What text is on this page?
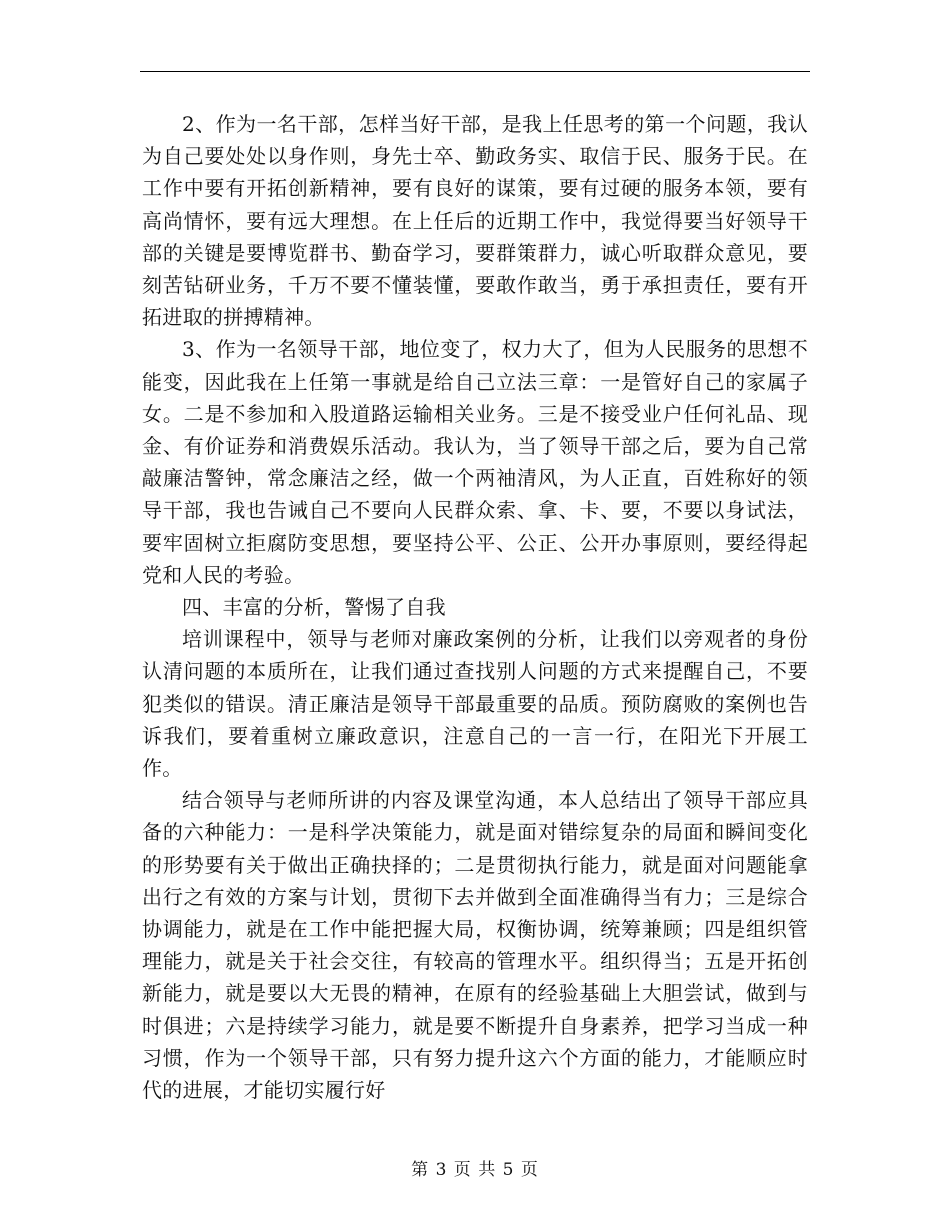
2、作为一名干部，怎样当好干部，是我上任思考的第一个问题，我认为自己要处处以身作则，身先士卒、勤政务实、取信于民、服务于民。在工作中要有开拓创新精神，要有良好的谋策，要有过硬的服务本领，要有高尚情怀，要有远大理想。在上任后的近期工作中，我觉得要当好领导干部的关键是要博览群书、勤奋学习，要群策群力，诚心听取群众意见，要刻苦钻研业务，千万不要不懂装懂，要敢作敢当，勇于承担责任，要有开拓进取的拼搏精神。

3、作为一名领导干部，地位变了，权力大了，但为人民服务的思想不能变，因此我在上任第一事就是给自己立法三章：一是管好自己的家属子女。二是不参加和入股道路运输相关业务。三是不接受业户任何礼品、现金、有价证券和消费娱乐活动。我认为，当了领导干部之后，要为自己常敲廉洁警钟，常念廉洁之经，做一个两袖清风，为人正直，百姓称好的领导干部，我也告诫自己不要向人民群众索、拿、卡、要，不要以身试法，要牢固树立拒腐防变思想，要坚持公平、公正、公开办事原则，要经得起党和人民的考验。

四、丰富的分析，警惕了自我

培训课程中，领导与老师对廉政案例的分析，让我们以旁观者的身份认清问题的本质所在，让我们通过查找别人问题的方式来提醒自己，不要犯类似的错误。清正廉洁是领导干部最重要的品质。预防腐败的案例也告诉我们，要着重树立廉政意识，注意自己的一言一行，在阳光下开展工作。

结合领导与老师所讲的内容及课堂沟通，本人总结出了领导干部应具备的六种能力：一是科学决策能力，就是面对错综复杂的局面和瞬间变化的形势要有关于做出正确抉择的；二是贯彻执行能力，就是面对问题能拿出行之有效的方案与计划，贯彻下去并做到全面准确得当有力；三是综合协调能力，就是在工作中能把握大局，权衡协调，统筹兼顾；四是组织管理能力，就是关于社会交往，有较高的管理水平。组织得当；五是开拓创新能力，就是要以大无畏的精神，在原有的经验基础上大胆尝试，做到与时俱进；六是持续学习能力，就是要不断提升自身素养，把学习当成一种习惯，作为一个领导干部，只有努力提升这六个方面的能力，才能顺应时代的进展，才能切实履行好

第 3 页 共 5 页
